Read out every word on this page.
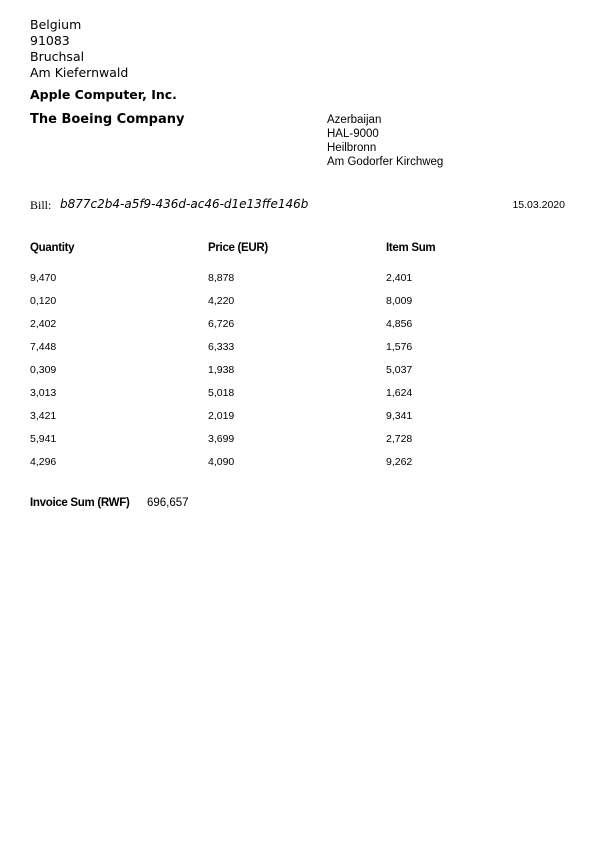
Belgium
91083
Bruchsal
Am Kiefernwald
Apple Computer, Inc.
The Boeing Company	Azerbaijan
HAL-9000
Heilbronn
Am Godorfer Kirchweg
Bill: b877c2b4-a5f9-436d-ac46-d1e13ffe146b	15.03.2020
Quantity	Price (EUR)	Item Sum
9,470	8,878	2,401
0,120	4,220	8,009
2,402	6,726	4,856
7,448	6,333	1,576
0,309	1,938	5,037
3,013	5,018	1,624
3,421	2,019	9,341
5,941	3,699	2,728
4,296	4,090	9,262
Invoice Sum (RWF) 696,657
